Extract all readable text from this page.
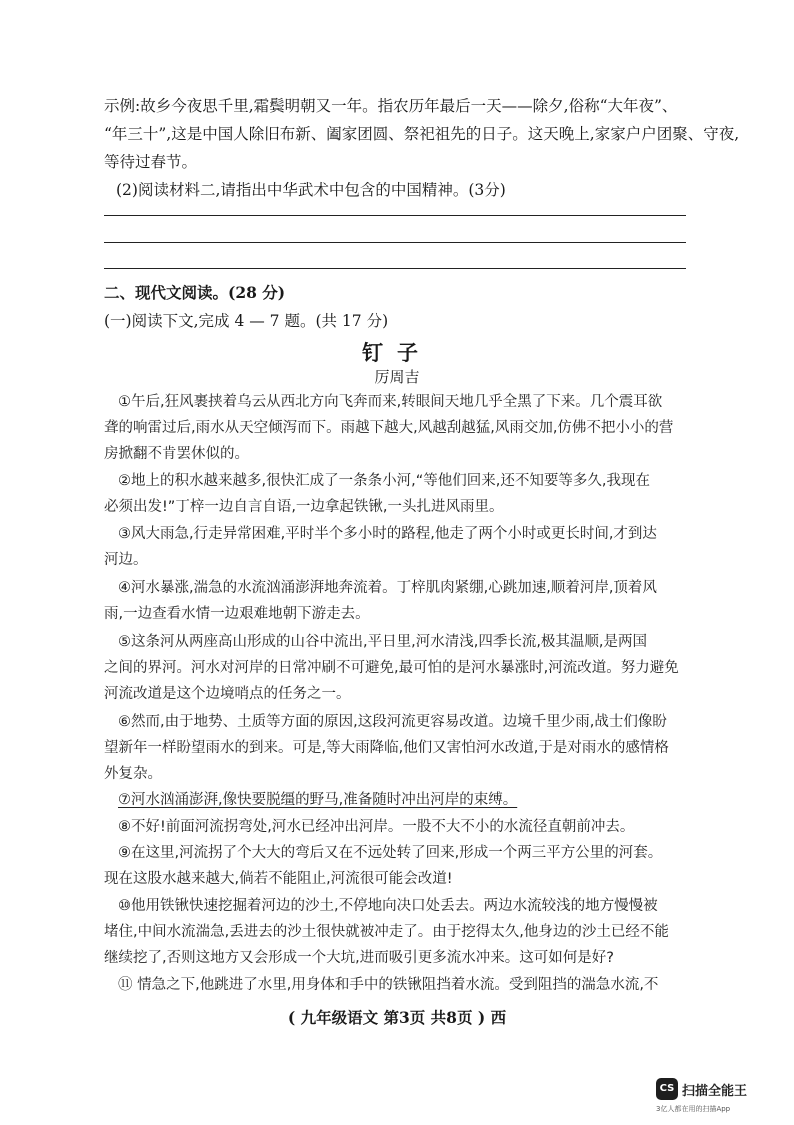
示例:故乡今夜思千里,霜鬓明朝又一年。指农历年最后一天——除夕,俗称“大年夜”、
“年三十”,这是中国人除旧布新、阖家团圆、祭祀祖先的日子。这天晚上,家家户户团聚、守夜,
等待过春节。
(2)阅读材料二,请指出中华武术中包含的中国精神。(3分)
二、现代文阅读。(28 分)
(一)阅读下文,完成 4 — 7 题。(共 17 分)
钉子
厉周吉
①午后,狂风裹挟着乌云从西北方向飞奔而来,转眼间天地几乎全黑了下来。几个震耳欲
聋的响雷过后,雨水从天空倾泻而下。雨越下越大,风越刮越猛,风雨交加,仿佛不把小小的营
房掀翻不肯罢休似的。
②地上的积水越来越多,很快汇成了一条条小河,“等他们回来,还不知要等多久,我现在
必须出发!”丁梓一边自言自语,一边拿起铁锹,一头扎进风雨里。
③风大雨急,行走异常困难,平时半个多小时的路程,他走了两个小时或更长时间,才到达
河边。
④河水暴涨,湍急的水流汹涌澎湃地奔流着。丁梓肌肉紧绷,心跳加速,顺着河岸,顶着风
雨,一边查看水情一边艰难地朝下游走去。
⑤这条河从两座高山形成的山谷中流出,平日里,河水清浅,四季长流,极其温顺,是两国
之间的界河。河水对河岸的日常冲刷不可避免,最可怕的是河水暴涨时,河流改道。努力避免
河流改道是这个边境哨点的任务之一。
⑥然而,由于地势、土质等方面的原因,这段河流更容易改道。边境千里少雨,战士们像盼
望新年一样盼望雨水的到来。可是,等大雨降临,他们又害怕河水改道,于是对雨水的感情格
外复杂。
⑦河水汹涌澎湃,像快要脱缰的野马,准备随时冲出河岸的束缚。
⑧不好!前面河流拐弯处,河水已经冲出河岸。一股不大不小的水流径直朝前冲去。
⑨在这里,河流拐了个大大的弯后又在不远处转了回来,形成一个两三平方公里的河套。
现在这股水越来越大,倘若不能阻止,河流很可能会改道!
⑩他用铁锹快速挖掘着河边的沙土,不停地向决口处丢去。两边水流较浅的地方慢慢被
堵住,中间水流湍急,丢进去的沙土很快就被冲走了。由于挖得太久,他身边的沙土已经不能
继续挖了,否则这地方又会形成一个大坑,进而吸引更多流水冲来。这可如何是好?
⑪ 情急之下,他跳进了水里,用身体和手中的铁锹阻挡着水流。受到阻挡的湍急水流,不
( 九年级语文 第3页 共8页 ) 西
CS 扫描全能王
3亿人都在用的扫描App
